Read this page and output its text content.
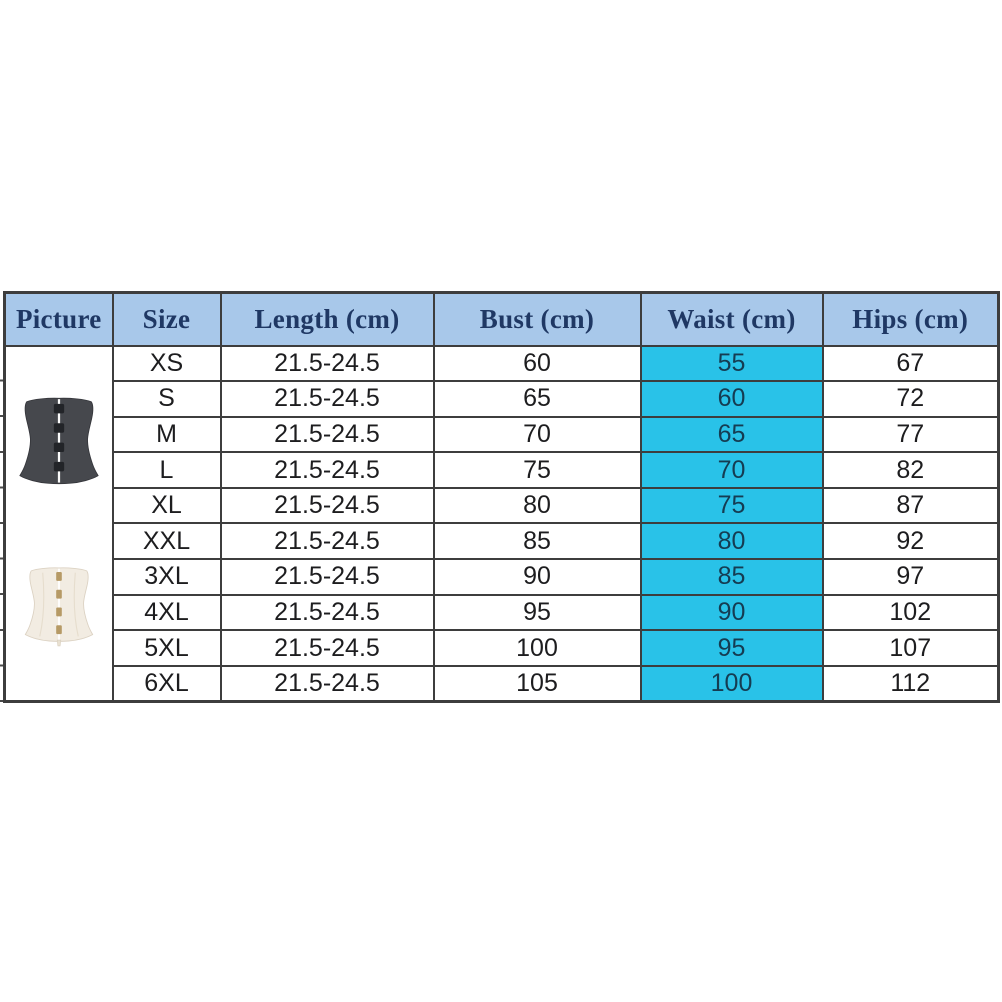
Picture	Size	Length (cm)	Bust (cm)	Waist (cm)	Hips (cm)

	XS	21.5-24.5	60	55	67
	S	21.5-24.5	65	60	72
	M	21.5-24.5	70	65	77
	L	21.5-24.5	75	70	82
	XL	21.5-24.5	80	75	87
	XXL	21.5-24.5	85	80	92
	3XL	21.5-24.5	90	85	97
	4XL	21.5-24.5	95	90	102
	5XL	21.5-24.5	100	95	107
	6XL	21.5-24.5	105	100	112
